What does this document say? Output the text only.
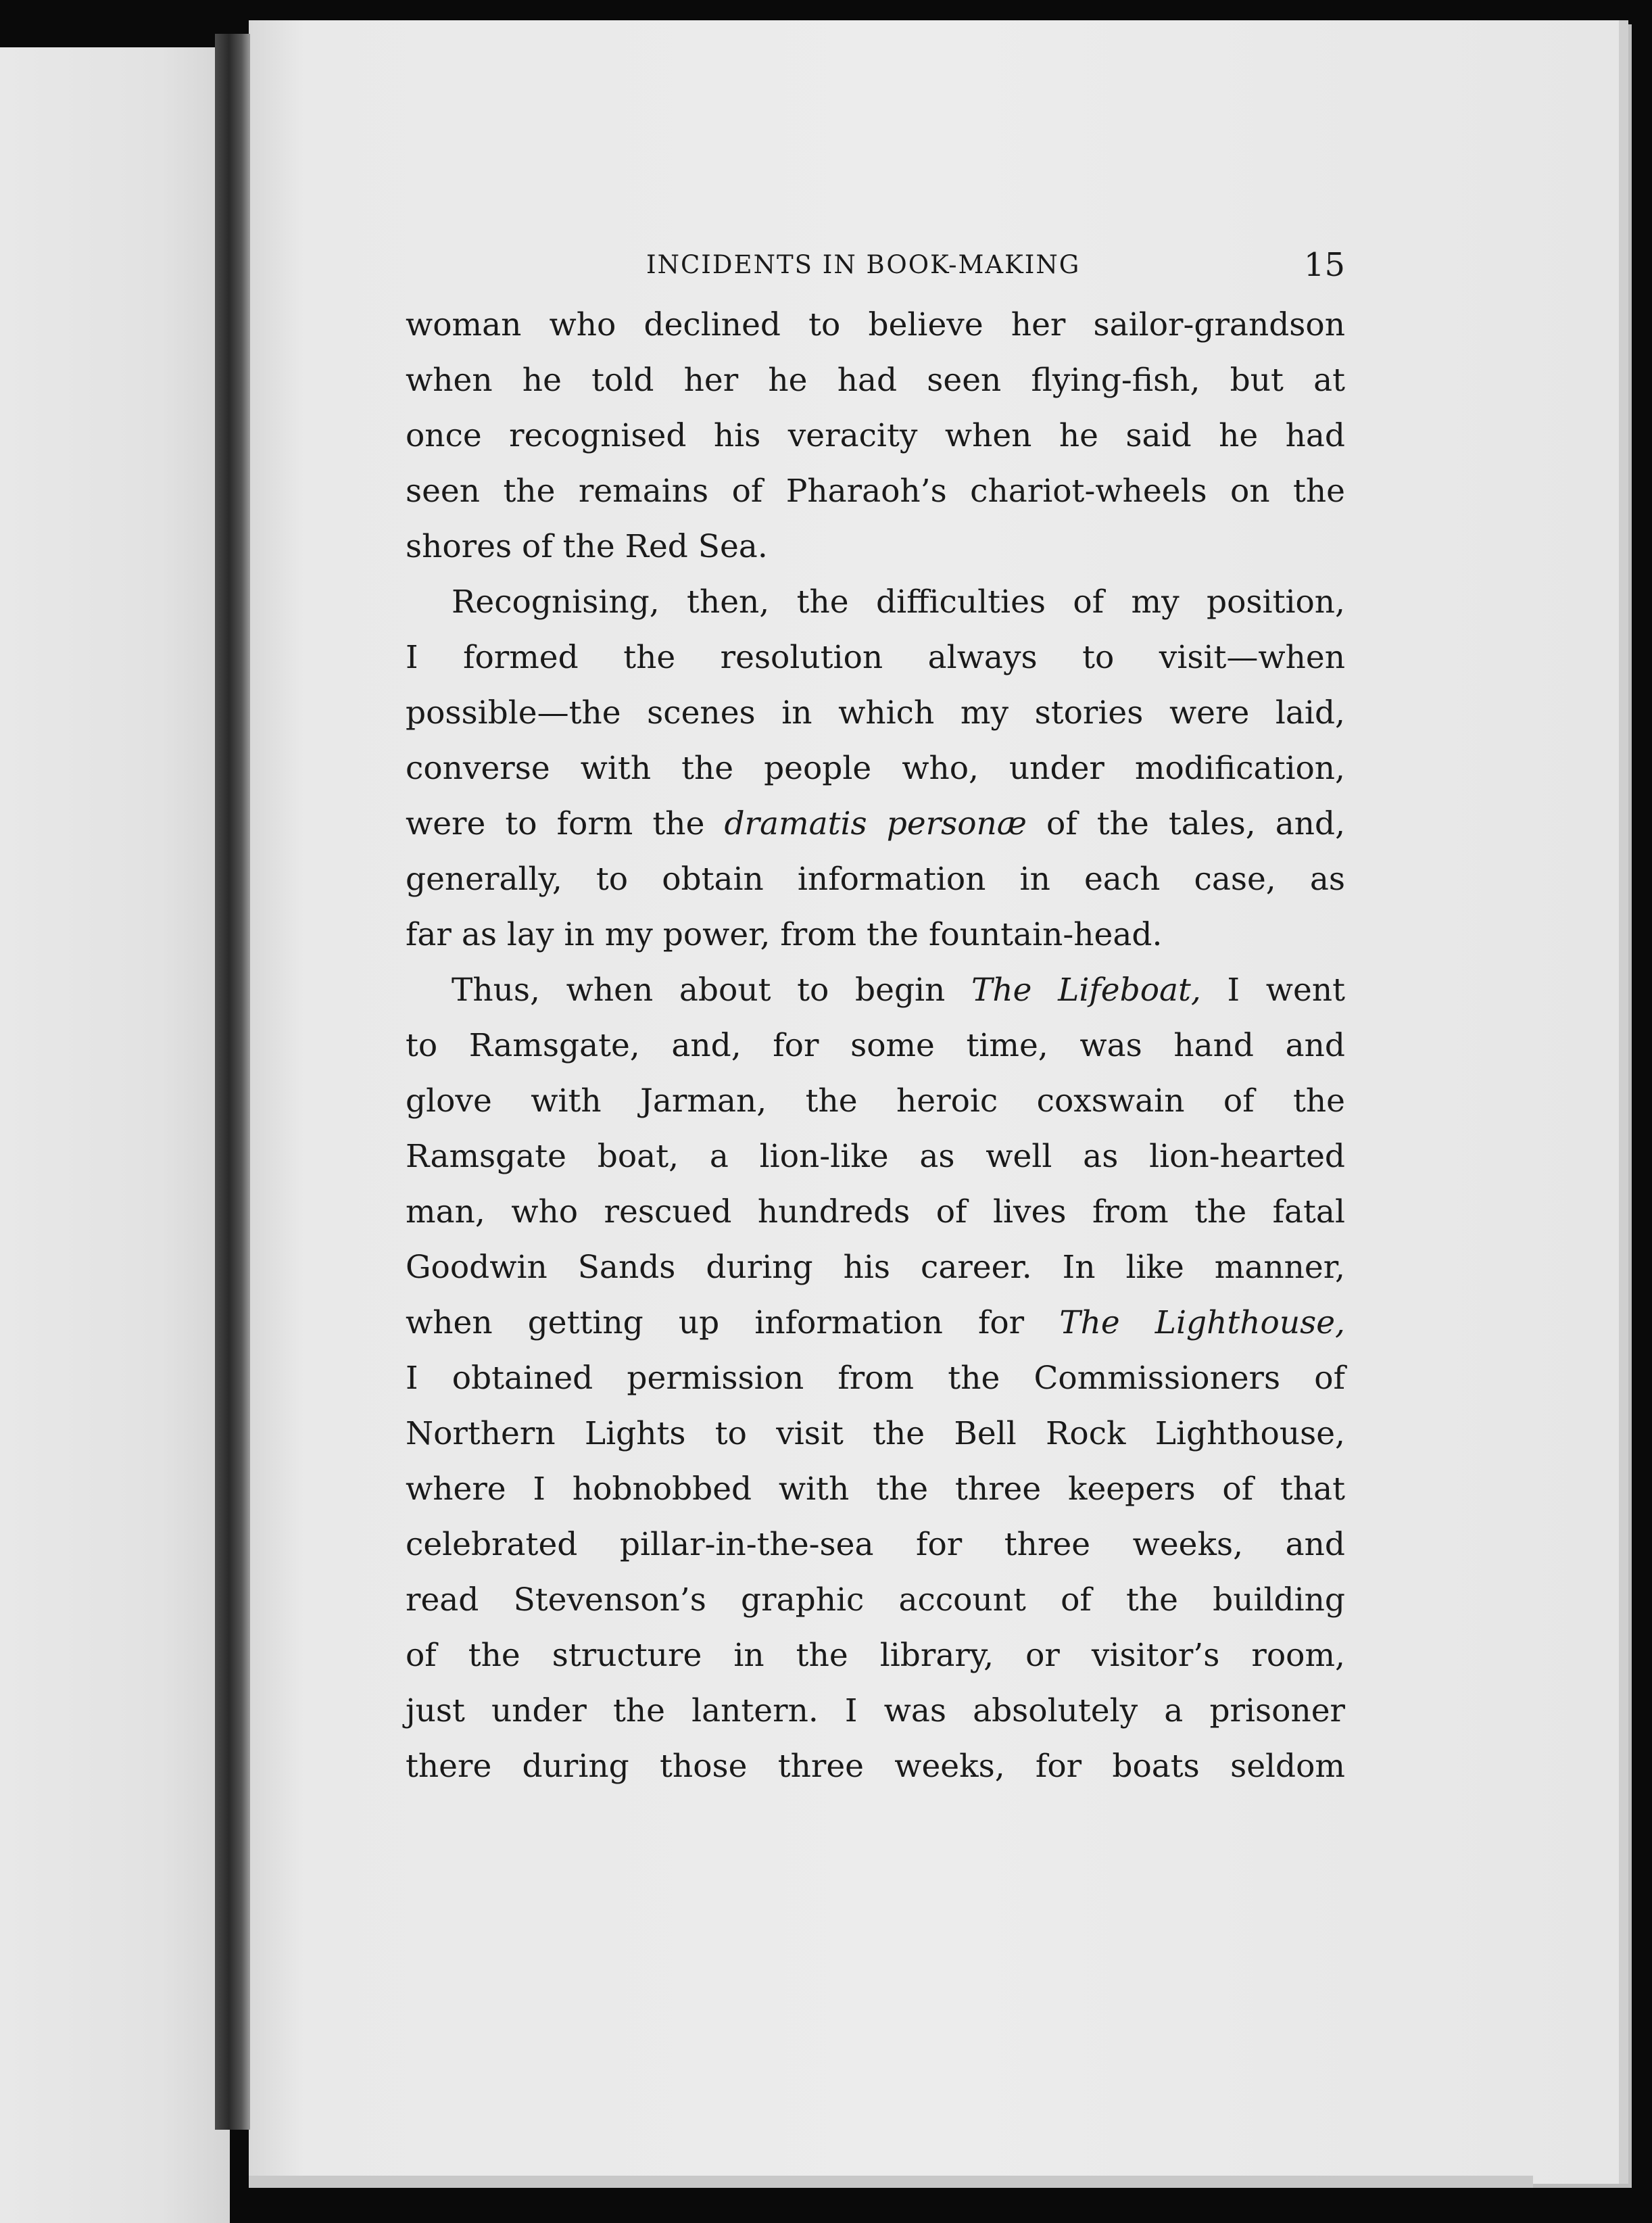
INCIDENTS IN BOOK-MAKING	15

woman who declined to believe her sailor-grandson
when he told her he had seen flying-fish, but at
once recognised his veracity when he said he had
seen the remains of Pharaoh’s chariot-wheels on the
shores of the Red Sea.

Recognising, then, the difficulties of my position,
I formed the resolution always to visit—when
possible—the scenes in which my stories were laid,
converse with the people who, under modification,
were to form the dramatis personæ of the tales, and,
generally, to obtain information in each case, as
far as lay in my power, from the fountain-head.

Thus, when about to begin The Lifeboat, I went
to Ramsgate, and, for some time, was hand and
glove with Jarman, the heroic coxswain of the
Ramsgate boat, a lion-like as well as lion-hearted
man, who rescued hundreds of lives from the fatal
Goodwin Sands during his career. In like manner,
when getting up information for The Lighthouse,
I obtained permission from the Commissioners of
Northern Lights to visit the Bell Rock Lighthouse,
where I hobnobbed with the three keepers of that
celebrated pillar-in-the-sea for three weeks, and
read Stevenson’s graphic account of the building
of the structure in the library, or visitor’s room,
just under the lantern. I was absolutely a prisoner
there during those three weeks, for boats seldom
